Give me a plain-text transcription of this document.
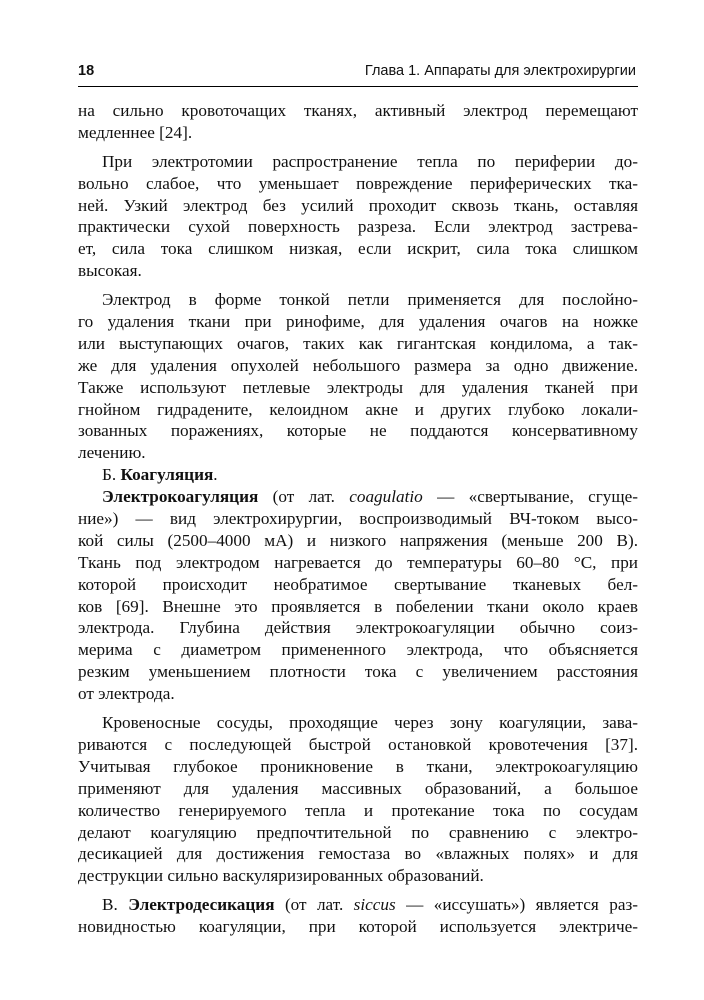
18	Глава 1. Аппараты для электрохирургии
на сильно кровоточащих тканях, активный электрод перемещают
медленнее [24].
При электротомии распространение тепла по периферии до-
вольно слабое, что уменьшает повреждение периферических тка-
ней. Узкий электрод без усилий проходит сквозь ткань, оставляя
практически сухой поверхность разреза. Если электрод застрева-
ет, сила тока слишком низкая, если искрит, сила тока слишком
высокая.
Электрод в форме тонкой петли применяется для послойно-
го удаления ткани при ринофиме, для удаления очагов на ножке
или выступающих очагов, таких как гигантская кондилома, а так-
же для удаления опухолей небольшого размера за одно движение.
Также используют петлевые электроды для удаления тканей при
гнойном гидрадените, келоидном акне и других глубоко локали-
зованных поражениях, которые не поддаются консервативному
лечению.
Б. Коагуляция.
Электрокоагуляция (от лат. coagulatio — «свертывание, сгуще-
ние») — вид электрохирургии, воспроизводимый ВЧ-током высо-
кой силы (2500–4000 мА) и низкого напряжения (меньше 200 В).
Ткань под электродом нагревается до температуры 60–80 °С, при
которой происходит необратимое свертывание тканевых бел-
ков [69]. Внешне это проявляется в побелении ткани около краев
электрода. Глубина действия электрокоагуляции обычно соиз-
мерима с диаметром примененного электрода, что объясняется
резким уменьшением плотности тока с увеличением расстояния
от электрода.
Кровеносные сосуды, проходящие через зону коагуляции, зава-
риваются с последующей быстрой остановкой кровотечения [37].
Учитывая глубокое проникновение в ткани, электрокоагуляцию
применяют для удаления массивных образований, а большое
количество генерируемого тепла и протекание тока по сосудам
делают коагуляцию предпочтительной по сравнению с электро-
десикацией для достижения гемостаза во «влажных полях» и для
деструкции сильно васкуляризированных образований.
В. Электродесикация (от лат. siccus — «иссушать») является раз-
новидностью коагуляции, при которой используется электриче-
